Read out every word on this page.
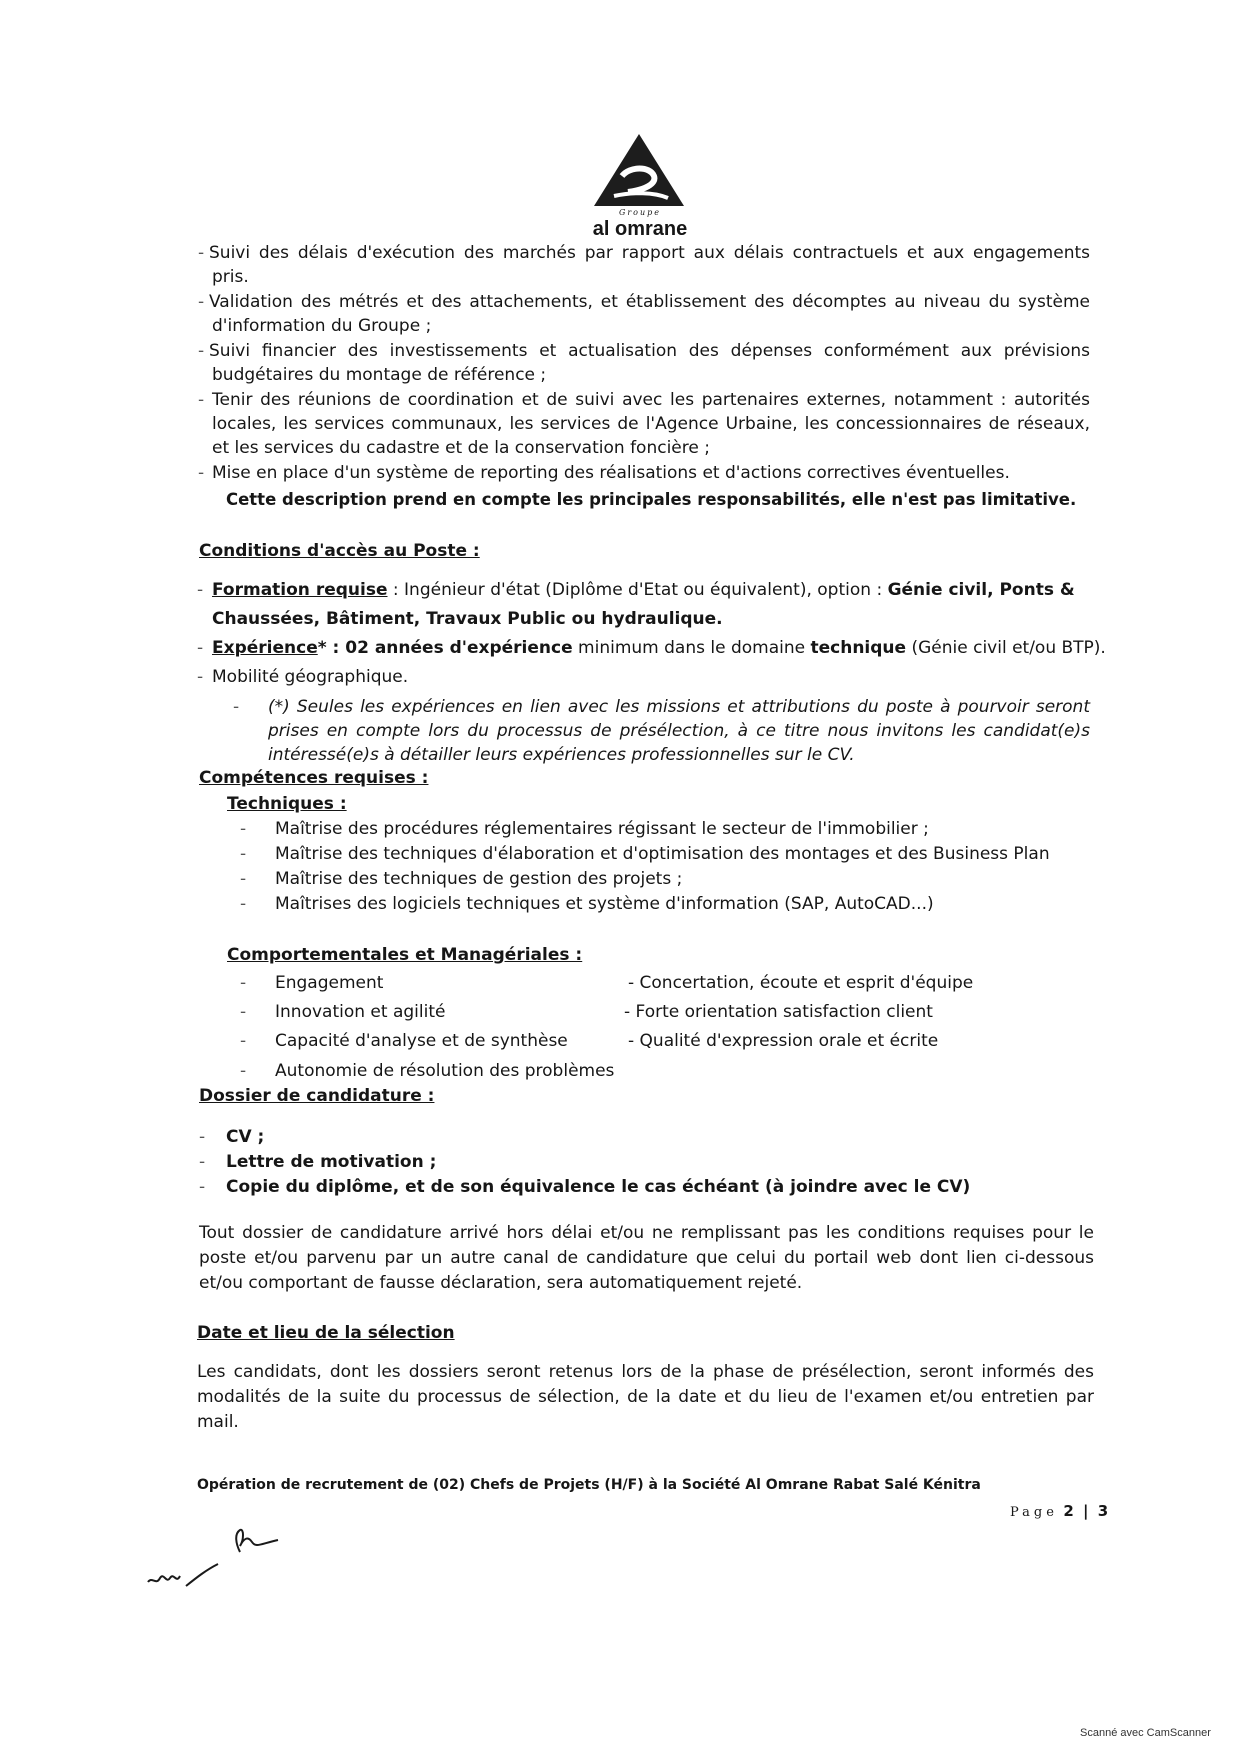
Groupe
al omrane
- Suivi des délais d'exécution des marchés par rapport aux délais contractuels et aux engagements
pris.
- Validation des métrés et des attachements, et établissement des décomptes au niveau du système
d'information du Groupe ;
- Suivi financier des investissements et actualisation des dépenses conformément aux prévisions
budgétaires du montage de référence ;
- Tenir des réunions de coordination et de suivi avec les partenaires externes, notamment : autorités
locales, les services communaux, les services de l'Agence Urbaine, les concessionnaires de réseaux,
et les services du cadastre et de la conservation foncière ;
- Mise en place d'un système de reporting des réalisations et d'actions correctives éventuelles.
Cette description prend en compte les principales responsabilités, elle n'est pas limitative.
Conditions d'accès au Poste :
- Formation requise : Ingénieur d'état (Diplôme d'Etat ou équivalent), option : Génie civil, Ponts &
Chaussées, Bâtiment, Travaux Public ou hydraulique.
- Expérience* : 02 années d'expérience minimum dans le domaine technique (Génie civil et/ou BTP).
- Mobilité géographique.
- (*) Seules les expériences en lien avec les missions et attributions du poste à pourvoir seront
prises en compte lors du processus de présélection, à ce titre nous invitons les candidat(e)s
intéressé(e)s à détailler leurs expériences professionnelles sur le CV.
Compétences requises :
Techniques :
- Maîtrise des procédures réglementaires régissant le secteur de l'immobilier ;
- Maîtrise des techniques d'élaboration et d'optimisation des montages et des Business Plan
- Maîtrise des techniques de gestion des projets ;
- Maîtrises des logiciels techniques et système d'information (SAP, AutoCAD...)
Comportementales et Managériales :
- Engagement	- Concertation, écoute et esprit d'équipe
- Innovation et agilité	- Forte orientation satisfaction client
- Capacité d'analyse et de synthèse	- Qualité d'expression orale et écrite
- Autonomie de résolution des problèmes
Dossier de candidature :
- CV ;
- Lettre de motivation ;
- Copie du diplôme, et de son équivalence le cas échéant (à joindre avec le CV)
Tout dossier de candidature arrivé hors délai et/ou ne remplissant pas les conditions requises pour le
poste et/ou parvenu par un autre canal de candidature que celui du portail web dont lien ci-dessous
et/ou comportant de fausse déclaration, sera automatiquement rejeté.
Date et lieu de la sélection
Les candidats, dont les dossiers seront retenus lors de la phase de présélection, seront informés des
modalités de la suite du processus de sélection, de la date et du lieu de l'examen et/ou entretien par
mail.
Opération de recrutement de (02) Chefs de Projets (H/F) à la Société Al Omrane Rabat Salé Kénitra
Page 2 | 3
Scanné avec CamScanner
